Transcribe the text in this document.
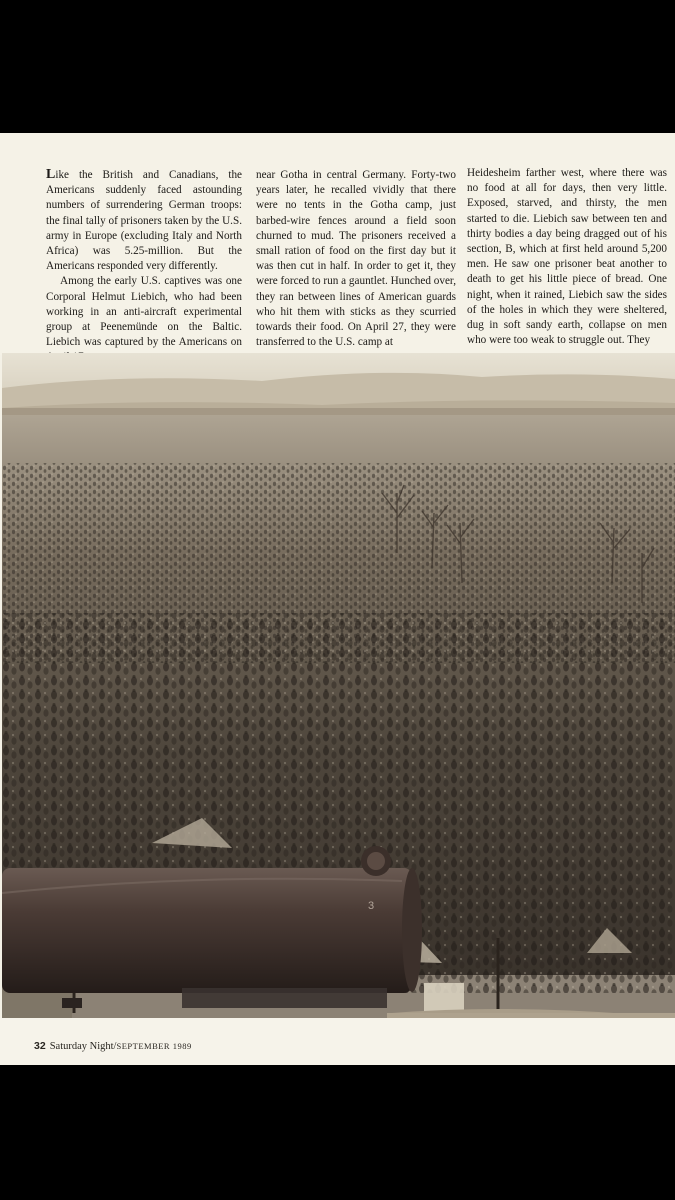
Like the British and Canadians, the Americans suddenly faced astounding numbers of surrendering German troops: the final tally of prisoners taken by the U.S. army in Europe (excluding Italy and North Africa) was 5.25-million. But the Americans responded very differently.

Among the early U.S. captives was one Corporal Helmut Liebich, who had been working in an anti-aircraft experimental group at Peenemünde on the Baltic. Liebich was captured by the Americans on

near Gotha in central Germany. Forty-two years later, he recalled vividly that there were no tents in the Gotha camp, just barbed-wire fences around a field soon churned to mud. The prisoners received a small ration of food on the first day but it was then cut in half. In order to get it, they were forced to run a gauntlet. Hunched over, they ran between lines of American guards who hit them with sticks as they scurried towards their food. On April 27, they were transferred to the U.S. camp at

Heidesheim farther west, where there was no food at all for days, then very little. Exposed, starved, and thirsty, the men started to die. Liebich saw between ten and thirty bodies a day being dragged out of his section, B, which at first held around 5,200 men. He saw one prisoner beat another to death to get his little piece of bread. One night, when it rained, Liebich saw the sides of the holes in which they were sheltered, dug in soft sandy earth, collapse on men who were too weak to struggle out. They

3
32 Saturday Night/SEPTEMBER 1989
